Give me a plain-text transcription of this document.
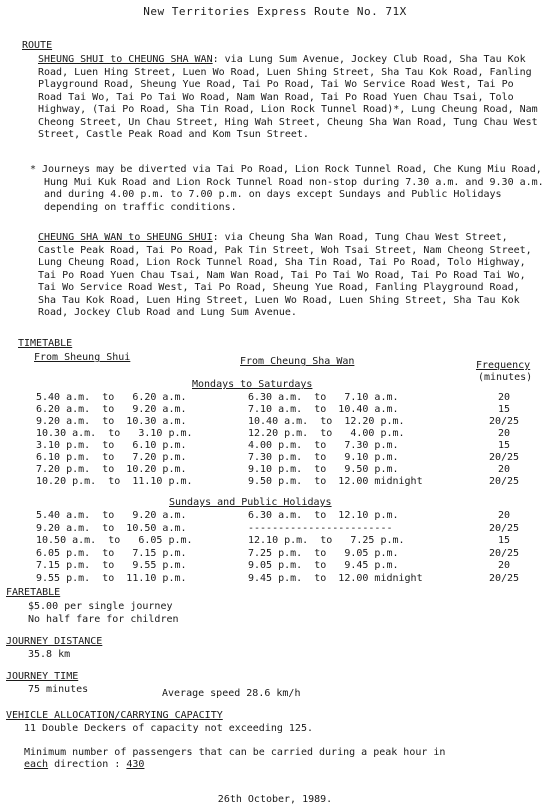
New Territories Express Route No. 71X
ROUTE
SHEUNG SHUI to CHEUNG SHA WAN: via Lung Sum Avenue, Jockey Club Road, Sha Tau Kok Road, Luen Hing Street, Luen Wo Road, Luen Shing Street, Sha Tau Kok Road, Fanling Playground Road, Sheung Yue Road, Tai Po Road, Tai Wo Service Road West, Tai Po Road Tai Wo, Tai Po Tai Wo Road, Nam Wan Road, Tai Po Road Yuen Chau Tsai, Tolo Highway, (Tai Po Road, Sha Tin Road, Lion Rock Tunnel Road)*, Lung Cheung Road, Nam Cheong Street, Un Chau Street, Hing Wah Street, Cheung Sha Wan Road, Tung Chau West Street, Castle Peak Road and Kom Tsun Street.
* Journeys may be diverted via Tai Po Road, Lion Rock Tunnel Road, Che Kung Miu Road, Hung Mui Kuk Road and Lion Rock Tunnel Road non-stop during 7.30 a.m. and 9.30 a.m. and during 4.00 p.m. to 7.00 p.m. on days except Sundays and Public Holidays depending on traffic conditions.
CHEUNG SHA WAN to SHEUNG SHUI: via Cheung Sha Wan Road, Tung Chau West Street, Castle Peak Road, Tai Po Road, Pak Tin Street, Woh Tsai Street, Nam Cheong Street, Lung Cheung Road, Lion Rock Tunnel Road, Sha Tin Road, Tai Po Road, Tolo Highway, Tai Po Road Yuen Chau Tsai, Nam Wan Road, Tai Po Tai Wo Road, Tai Po Road Tai Wo, Tai Wo Service Road West, Tai Po Road, Sheung Yue Road, Fanling Playground Road, Sha Tau Kok Road, Luen Hing Street, Luen Wo Road, Luen Shing Street, Sha Tau Kok Road, Jockey Club Road and Lung Sum Avenue.
TIMETABLE
From Sheung Shui	From Cheung Sha Wan	Frequency
(minutes)
Mondays to Saturdays
5.40 a.m.  to   6.20 a.m.	6.30 a.m.  to   7.10 a.m.	20
6.20 a.m.  to   9.20 a.m.	7.10 a.m.  to  10.40 a.m.	15
9.20 a.m.  to  10.30 a.m.	10.40 a.m.  to  12.20 p.m.	20/25
10.30 a.m.  to   3.10 p.m.	12.20 p.m.  to   4.00 p.m.	20
3.10 p.m.  to   6.10 p.m.	4.00 p.m.  to   7.30 p.m.	15
6.10 p.m.  to   7.20 p.m.	7.30 p.m.  to   9.10 p.m.	20/25
7.20 p.m.  to  10.20 p.m.	9.10 p.m.  to   9.50 p.m.	20
10.20 p.m.  to  11.10 p.m.	9.50 p.m.  to  12.00 midnight	20/25
Sundays and Public Holidays
5.40 a.m.  to   9.20 a.m.	6.30 a.m.  to  12.10 p.m.	20
9.20 a.m.  to  10.50 a.m.	------------------------	20/25
10.50 a.m.  to   6.05 p.m.	12.10 p.m.  to   7.25 p.m.	15
6.05 p.m.  to   7.15 p.m.	7.25 p.m.  to   9.05 p.m.	20/25
7.15 p.m.  to   9.55 p.m.	9.05 p.m.  to   9.45 p.m.	20
9.55 p.m.  to  11.10 p.m.	9.45 p.m.  to  12.00 midnight	20/25
FARETABLE
$5.00 per single journey
No half fare for children
JOURNEY DISTANCE
35.8 km
JOURNEY TIME
75 minutes	Average speed 28.6 km/h
VEHICLE ALLOCATION/CARRYING CAPACITY
11 Double Deckers of capacity not exceeding 125.
Minimum number of passengers that can be carried during a peak hour in
each direction : 430
26th October, 1989.
